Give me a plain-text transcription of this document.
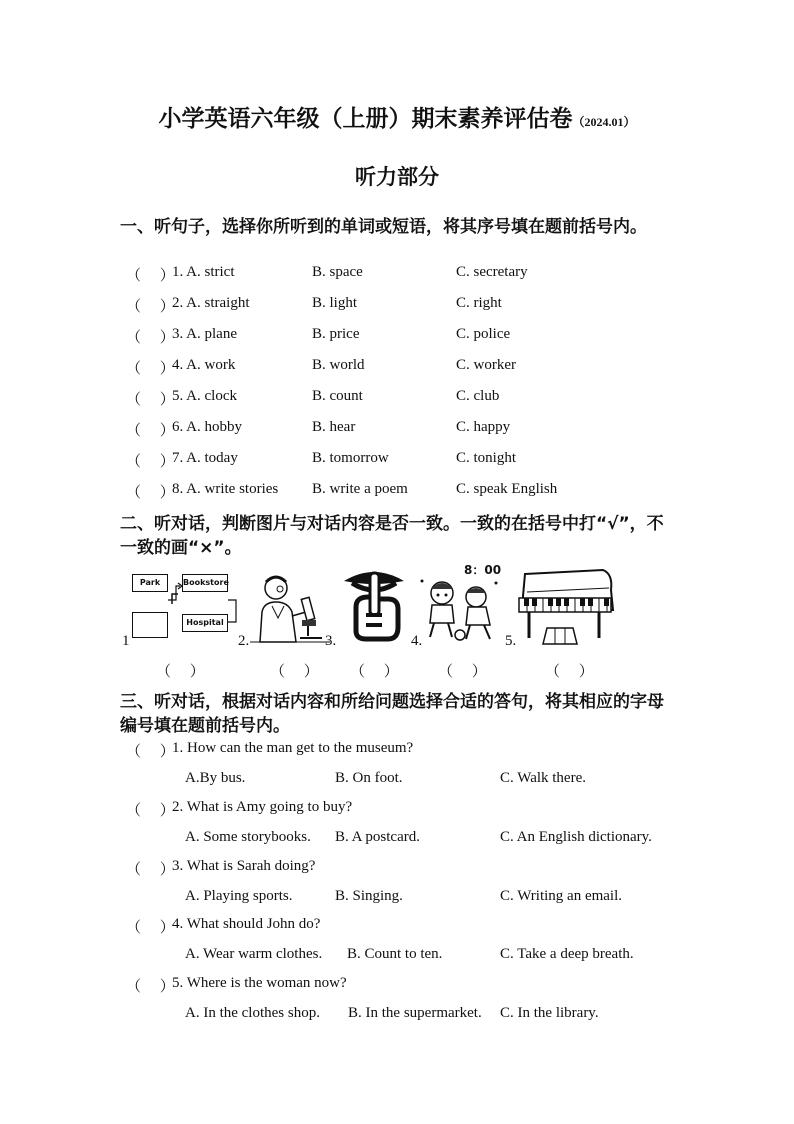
小学英语六年级（上册）期末素养评估卷（2024.01）
听力部分
一、听句子，选择你所听到的单词或短语，将其序号填在题前括号内。
（　 ）
1. A. strict	B. space	C. secretary
（　 ）
2. A. straight	B. light	C. right
（　 ）
3. A. plane	B. price	C. police
（　 ）
4. A. work	B. world	C. worker
（　 ）
5. A. clock	B. count	C. club
（　 ）
6. A. hobby	B. hear	C. happy
（　 ）
7. A. today	B. tomorrow	C. tonight
（　 ）
8. A. write stories B. write a poem	C. speak English
二、听对话，判断图片与对话内容是否一致。一致的在括号中打“√”，不一致的画“×”。
Park	Bookstore
Hospital
1
（　 ）
2.
（　 ）
3.
（　 ）
8：00
4.
（　 ）
5.
（　 ）
三、听对话，根据对话内容和所给问题选择合适的答句，将其相应的字母编号填在题前括号内。
（　 ）
1. How can the man get to the museum?
A.By bus.	B. On foot.	C. Walk there.
（　 ）
2. What is Amy going to buy?
A. Some storybooks. B. A postcard.	C. An English dictionary.
（　 ）
3. What is Sarah doing?
A. Playing sports.	B. Singing.	C. Writing an email.
（　 ）
4. What should John do?
A. Wear warm clothes. B. Count to ten.	C. Take a deep breath.
（　 ）
5. Where is the woman now?
A. In the clothes shop. B. In the supermarket. C. In the library.
